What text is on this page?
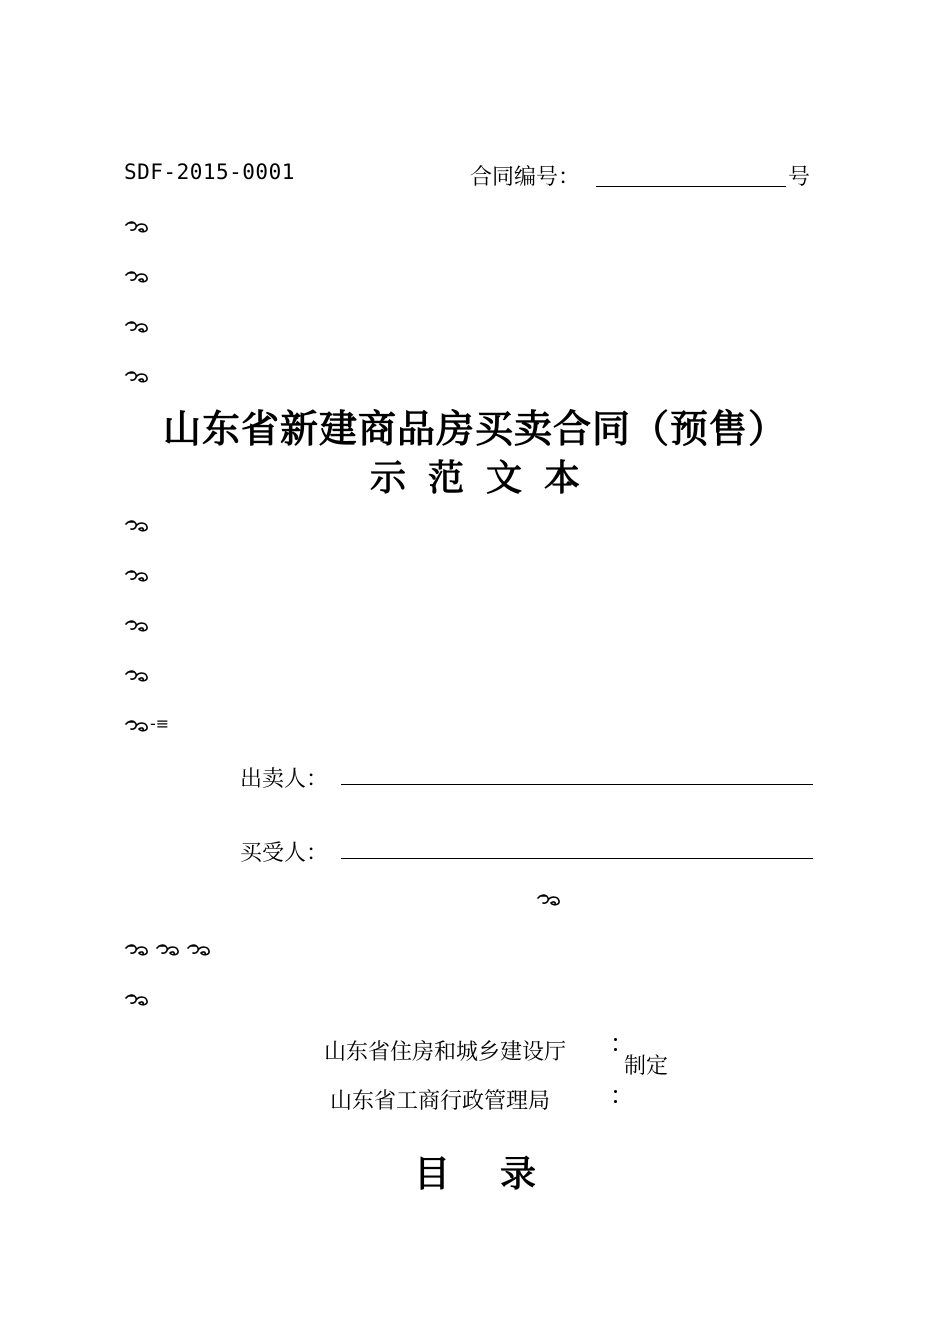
SDF-2015-0001	合同编号：	号
山东省新建商品房买卖合同（预售）
示范文本
-≡
出卖人：
买受人：
山东省住房和城乡建设厅
山东省工商行政管理局
制定
目录
